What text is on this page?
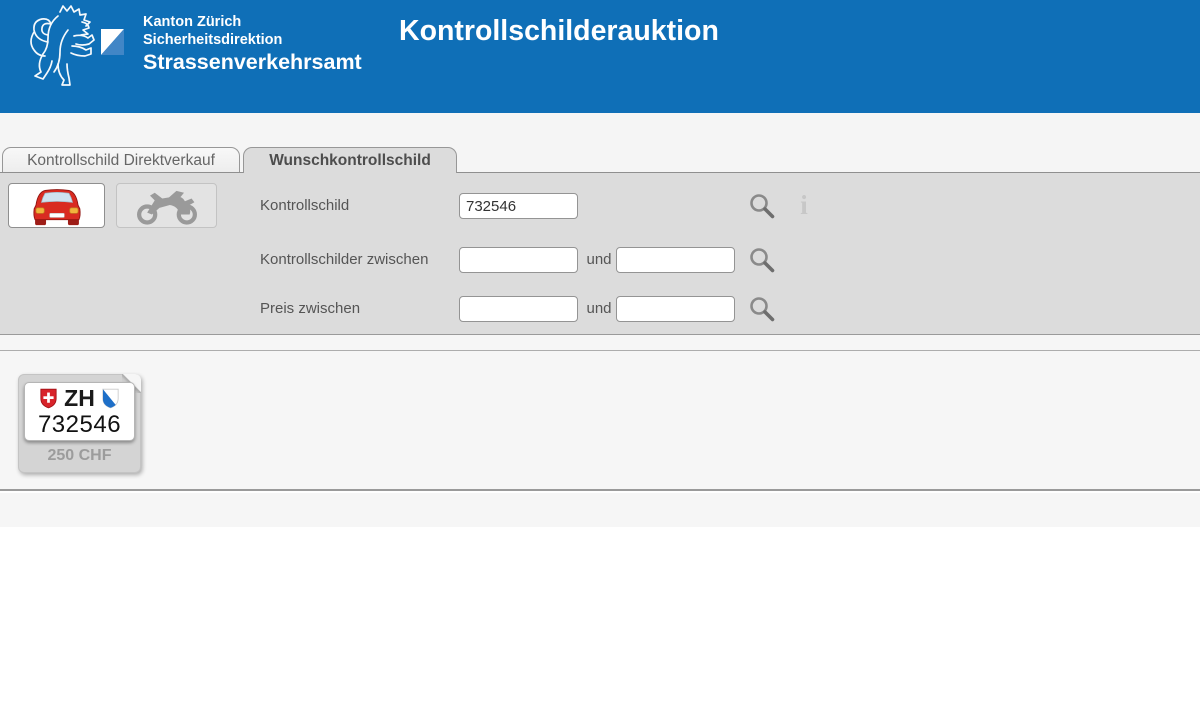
Kanton Zürich
Sicherheitsdirektion
Strassenverkehrsamt
Kontrollschilderauktion
Kontrollschild Direktverkauf	Wunschkontrollschild
Kontrollschild
732546	i
Kontrollschilder zwischen	und
Preis zwischen	und
ZH
732546
250 CHF
